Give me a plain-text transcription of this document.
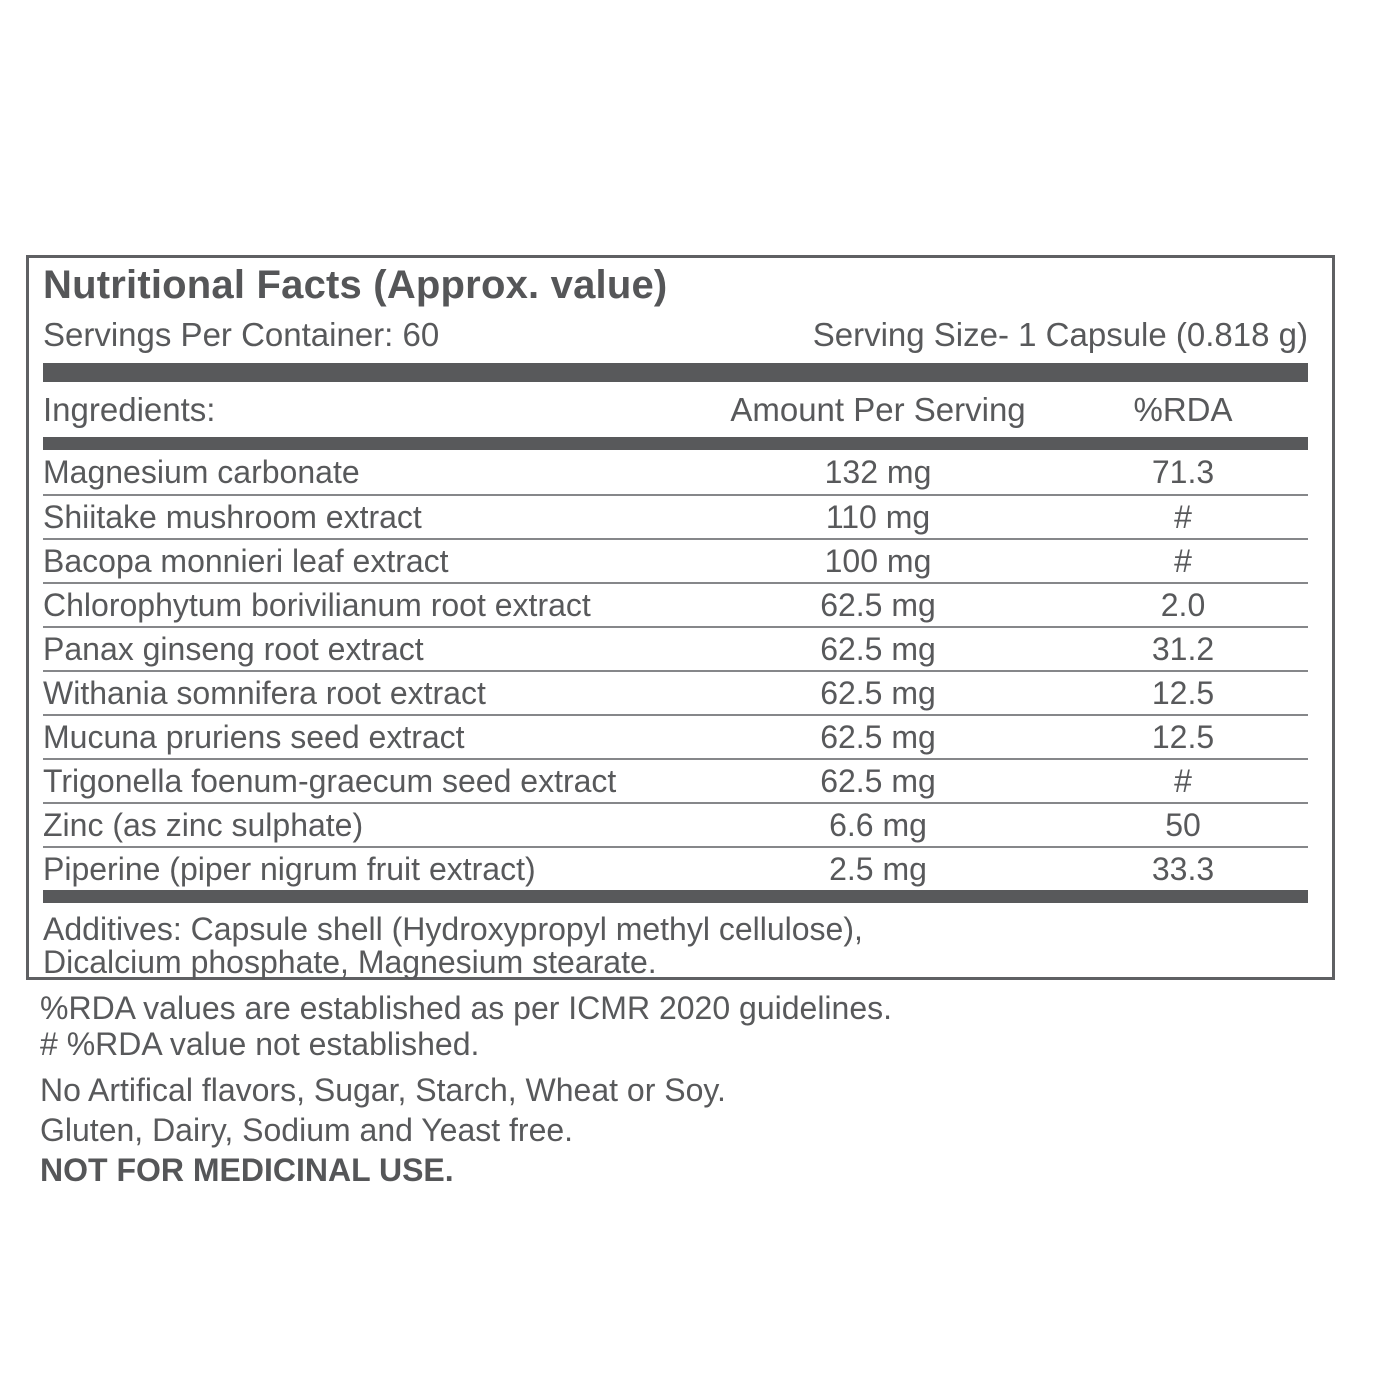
Nutritional Facts (Approx. value)
Servings Per Container: 60	Serving Size- 1 Capsule (0.818 g)
Ingredients:	Amount Per Serving	%RDA
Magnesium carbonate	132 mg	71.3
Shiitake mushroom extract	110 mg	#
Bacopa monnieri leaf extract	100 mg	#
Chlorophytum borivilianum root extract	62.5 mg	2.0
Panax ginseng root extract	62.5 mg	31.2
Withania somnifera root extract	62.5 mg	12.5
Mucuna pruriens seed extract	62.5 mg	12.5
Trigonella foenum-graecum seed extract	62.5 mg	#
Zinc (as zinc sulphate)	6.6 mg	50
Piperine (piper nigrum fruit extract)	2.5 mg	33.3
Additives: Capsule shell (Hydroxypropyl methyl cellulose),
Dicalcium phosphate, Magnesium stearate.
%RDA values are established as per ICMR 2020 guidelines.
# %RDA value not established.
No Artifical flavors, Sugar, Starch, Wheat or Soy.
Gluten, Dairy, Sodium and Yeast free.
NOT FOR MEDICINAL USE.
